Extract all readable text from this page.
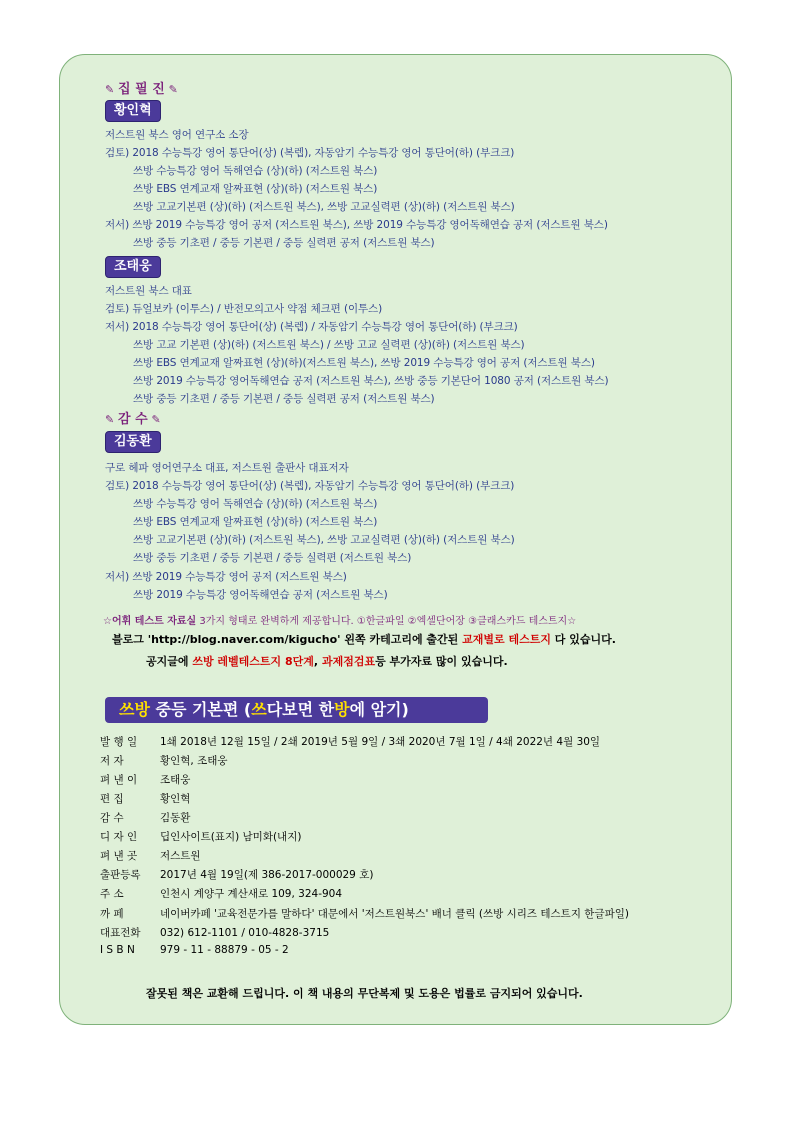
✎ 집 필 진 ✎
황인혁
저스트원 북스 영어 연구소 소장
검토) 2018 수능특강 영어 통단어(상) (복렙), 자동암기 수능특강 영어 통단어(하) (부크크)
쓰방 수능특강 영어 독해연습 (상)(하) (저스트원 북스)
쓰방 EBS 연계교재 알짜표현 (상)(하) (저스트원 북스)
쓰방 고교기본편 (상)(하) (저스트원 북스), 쓰방 고교실력편 (상)(하) (저스트원 북스)
저서) 쓰방 2019 수능특강 영어 공저 (저스트원 북스), 쓰방 2019 수능특강 영어독해연습 공저 (저스트원 북스)
쓰방 중등 기초편 / 중등 기본편 / 중등 실력편 공저 (저스트원 북스)
조태웅
저스트원 북스 대표
검토) 듀얼보카 (이투스) / 반전모의고사 약점 체크편 (이투스)
저서) 2018 수능특강 영어 통단어(상) (복렙) / 자동암기 수능특강 영어 통단어(하) (부크크)
쓰방 고교 기본편 (상)(하) (저스트원 북스) / 쓰방 고교 실력편 (상)(하) (저스트원 북스)
쓰방 EBS 연계교재 알짜표현 (상)(하)(저스트원 북스), 쓰방 2019 수능특강 영어 공저 (저스트원 북스)
쓰방 2019 수능특강 영어독해연습 공저 (저스트원 북스), 쓰방 중등 기본단어 1080 공저 (저스트원 북스)
쓰방 중등 기초편 / 중등 기본편 / 중등 실력편 공저 (저스트원 북스)
✎ 감 수 ✎
김동환
구로 헤파 영어연구소 대표, 저스트원 출판사 대표저자
검토) 2018 수능특강 영어 통단어(상) (복렙), 자동암기 수능특강 영어 통단어(하) (부크크)
쓰방 수능특강 영어 독해연습 (상)(하) (저스트원 북스)
쓰방 EBS 연계교재 알짜표현 (상)(하) (저스트원 북스)
쓰방 고교기본편 (상)(하) (저스트원 북스), 쓰방 고교실력편 (상)(하) (저스트원 북스)
쓰방 중등 기초편 / 중등 기본편 / 중등 실력편 (저스트원 북스)
저서) 쓰방 2019 수능특강 영어 공저 (저스트원 북스)
쓰방 2019 수능특강 영어독해연습 공저 (저스트원 북스)
☆어휘 테스트 자료실 3가지 형태로 완벽하게 제공합니다. ①한글파일 ②엑셀단어장 ③클래스카드 테스트지☆
블로그 'http://blog.naver.com/kigucho' 왼쪽 카테고리에 출간된 교재별로 테스트지 다 있습니다.
공지글에 쓰방 레벨테스트지 8단계, 과제점검표등 부가자료 많이 있습니다.
쓰방 중등 기본편 (쓰다보면 한방에 암기)
발 행 일 1쇄 2018년 12월 15일 / 2쇄 2019년 5월 9일 / 3쇄 2020년 7월 1일 / 4쇄 2022년 4월 30일
저 자	황인혁, 조태웅
펴 낸 이 조태웅
편 집	황인혁
감 수	김동환
디 자 인 딥인사이트(표지) 남미화(내지)
펴 낸 곳 저스트원
출판등록 2017년 4월 19일(제 386-2017-000029 호)
주 소	인천시 계양구 계산새로 109, 324-904
까 페	네이버카페 '교육전문가를 말하다' 대문에서 '저스트원북스' 배너 클릭 (쓰방 시리즈 테스트지 한글파일)
대표전화 032) 612-1101 / 010-4828-3715
I S B N 979 - 11 - 88879 - 05 - 2
잘못된 책은 교환해 드립니다. 이 책 내용의 무단복제 및 도용은 법률로 금지되어 있습니다.
